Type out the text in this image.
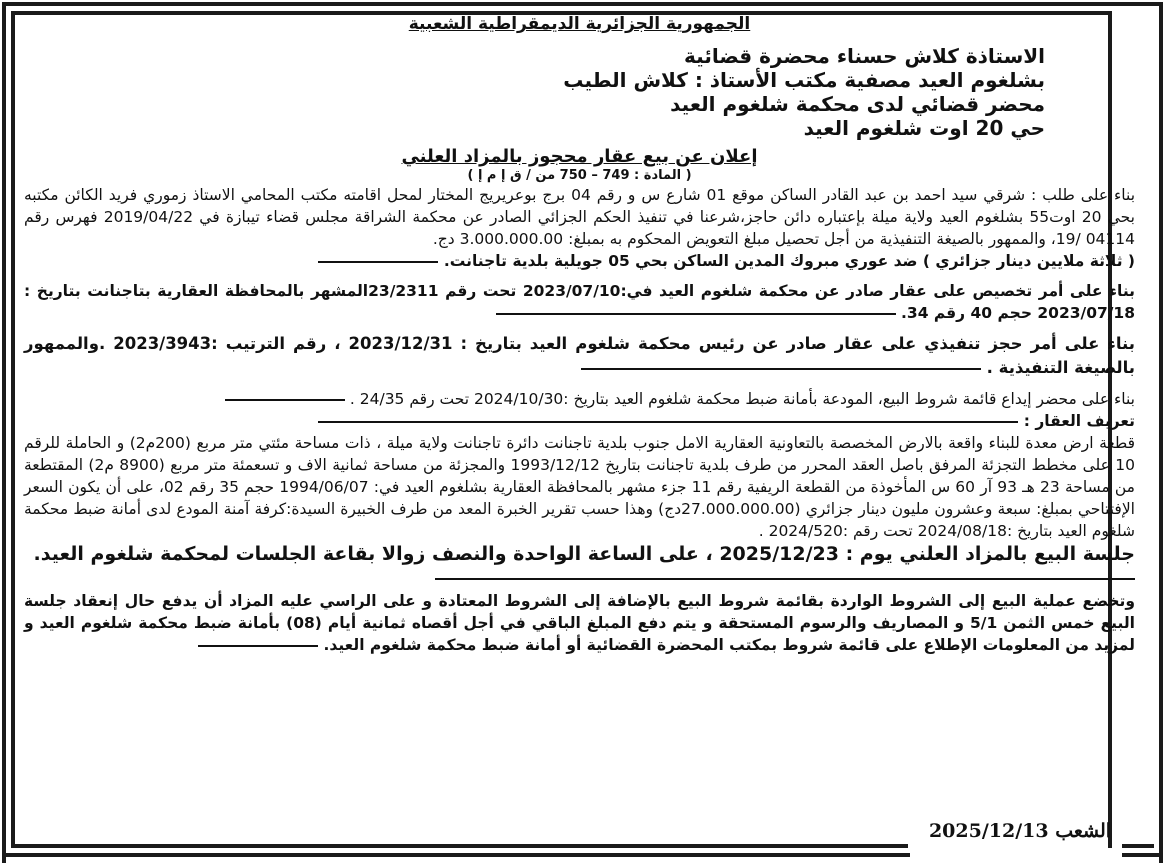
الجمهورية الجزائرية الديمقراطية الشعبية
الاستاذة كلاش حسناء محضرة قضائية
بشلغوم العيد مصفية مكتب الأستاذ : كلاش الطيب
محضر قضائي لدى محكمة شلغوم العيد
حي 20 اوت شلغوم العيد
إعلان عن بيع عقار محجوز بالمزاد العلني
( المادة : 749 – 750 من / ق إ م إ )
بناء على طلب : شرقي سيد احمد بن عبد القادر الساكن موقع 01 شارع س و رقم 04 برج بوعريريج المختار لمحل اقامته مكتب المحامي الاستاذ زموري فريد الكائن مكتبه بحي 20 اوت55 بشلغوم العيد ولاية ميلة بإعتباره دائن حاجز،شرعنا في تنفيذ الحكم الجزائي الصادر عن محكمة الشراقة مجلس قضاء تيبازة في 2019/04/22 فهرس رقم 04114 /19، والممهور بالصيغة التنفيذية من أجل تحصيل مبلغ التعويض المحكوم به بمبلغ: 3.000.000.00 دج.
( ثلاثة ملايين دينار جزائري ) ضد عوري مبروك المدين الساكن بحي 05 جويلية بلدية تاجنانت.
بناء على أمر تخصيص على عقار صادر عن محكمة شلغوم العيد في:2023/07/10 تحت رقم 23/2311المشهر بالمحافظة العقارية بتاجنانت بتاريخ : 2023/07/18 حجم 40 رقم 34.
بناء على أمر حجز تنفيذي على عقار صادر عن رئيس محكمة شلغوم العيد بتاريخ : 2023/12/31 ، رقم الترتيب :2023/3943 .والممهور بالصيغة التنفيذية .
بناء على محضر إيداع قائمة شروط البيع، المودعة بأمانة ضبط محكمة شلغوم العيد بتاريخ :2024/10/30 تحت رقم 24/35 .
تعريف العقار :
قطعة ارض معدة للبناء واقعة بالارض المخصصة بالتعاونية العقارية الامل جنوب بلدية تاجنانت دائرة تاجنانت ولاية ميلة ، ذات مساحة مئتي متر مربع (200م2) و الحاملة للرقم 10 على مخطط التجزئة المرفق باصل العقد المحرر من طرف بلدية تاجنانت بتاريخ 1993/12/12 والمجزئة من مساحة ثمانية الاف و تسعمئة متر مربع (8900 م2) المقتطعة من مساحة 23 هـ 93 آر 60 س المأخوذة من القطعة الريفية رقم 11 جزء مشهر بالمحافظة العقارية بشلغوم العيد في: 1994/06/07 حجم 35 رقم 02، على أن يكون السعر الإفتتاحي بمبلغ: سبعة وعشرون مليون دينار جزائري (27.000.000.00دج) وهذا حسب تقرير الخبرة المعد من طرف الخبيرة السيدة:كرفة آمنة المودع لدى أمانة ضبط محكمة شلغوم العيد بتاريخ :2024/08/18 تحت رقم :2024/520 .
جلسة البيع بالمزاد العلني يوم : 2025/12/23 ، على الساعة الواحدة والنصف زوالا بقاعة الجلسات لمحكمة شلغوم العيد.
وتخضع عملية البيع إلى الشروط الواردة بقائمة شروط البيع بالإضافة إلى الشروط المعتادة و على الراسي عليه المزاد أن يدفع حال إنعقاد جلسة البيع خمس الثمن 5/1 و المصاريف والرسوم المستحقة و يتم دفع المبلغ الباقي في أجل أقصاه ثمانية أيام (08) بأمانة ضبط محكمة شلغوم العيد و لمزيد من المعلومات الإطلاع على قائمة شروط بمكتب المحضرة القضائية أو أمانة ضبط محكمة شلغوم العيد.
الشعب 2025/12/13
